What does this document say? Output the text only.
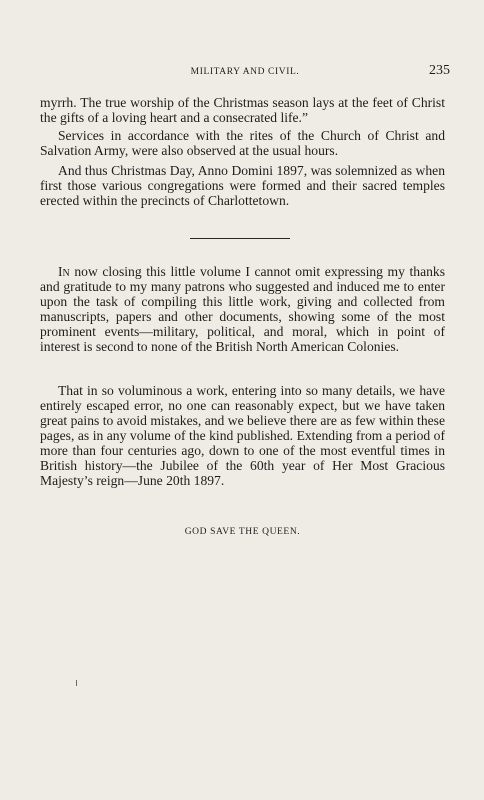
MILITARY AND CIVIL.	235

myrrh. The true worship of the Christmas season lays at the feet of Christ the gifts of a loving heart and a consecrated life.”

Services in accordance with the rites of the Church of Christ and Salvation Army, were also observed at the usual hours.

And thus Christmas Day, Anno Domini 1897, was solemnized as when first those various congregations were formed and their sacred temples erected within the precincts of Charlottetown.

In now closing this little volume I cannot omit expressing my thanks and gratitude to my many patrons who suggested and induced me to enter upon the task of compiling this little work, giving and collected from manuscripts, papers and other documents, showing some of the most prominent events—military, political, and moral, which in point of interest is second to none of the British North American Colonies.

That in so voluminous a work, entering into so many details, we have entirely escaped error, no one can reasonably expect, but we have taken great pains to avoid mistakes, and we believe there are as few within these pages, as in any volume of the kind published. Extending from a period of more than four centuries ago, down to one of the most eventful times in British history—the Jubilee of the 60th year of Her Most Gracious Majesty’s reign—June 20th 1897.

GOD SAVE THE QUEEN.
